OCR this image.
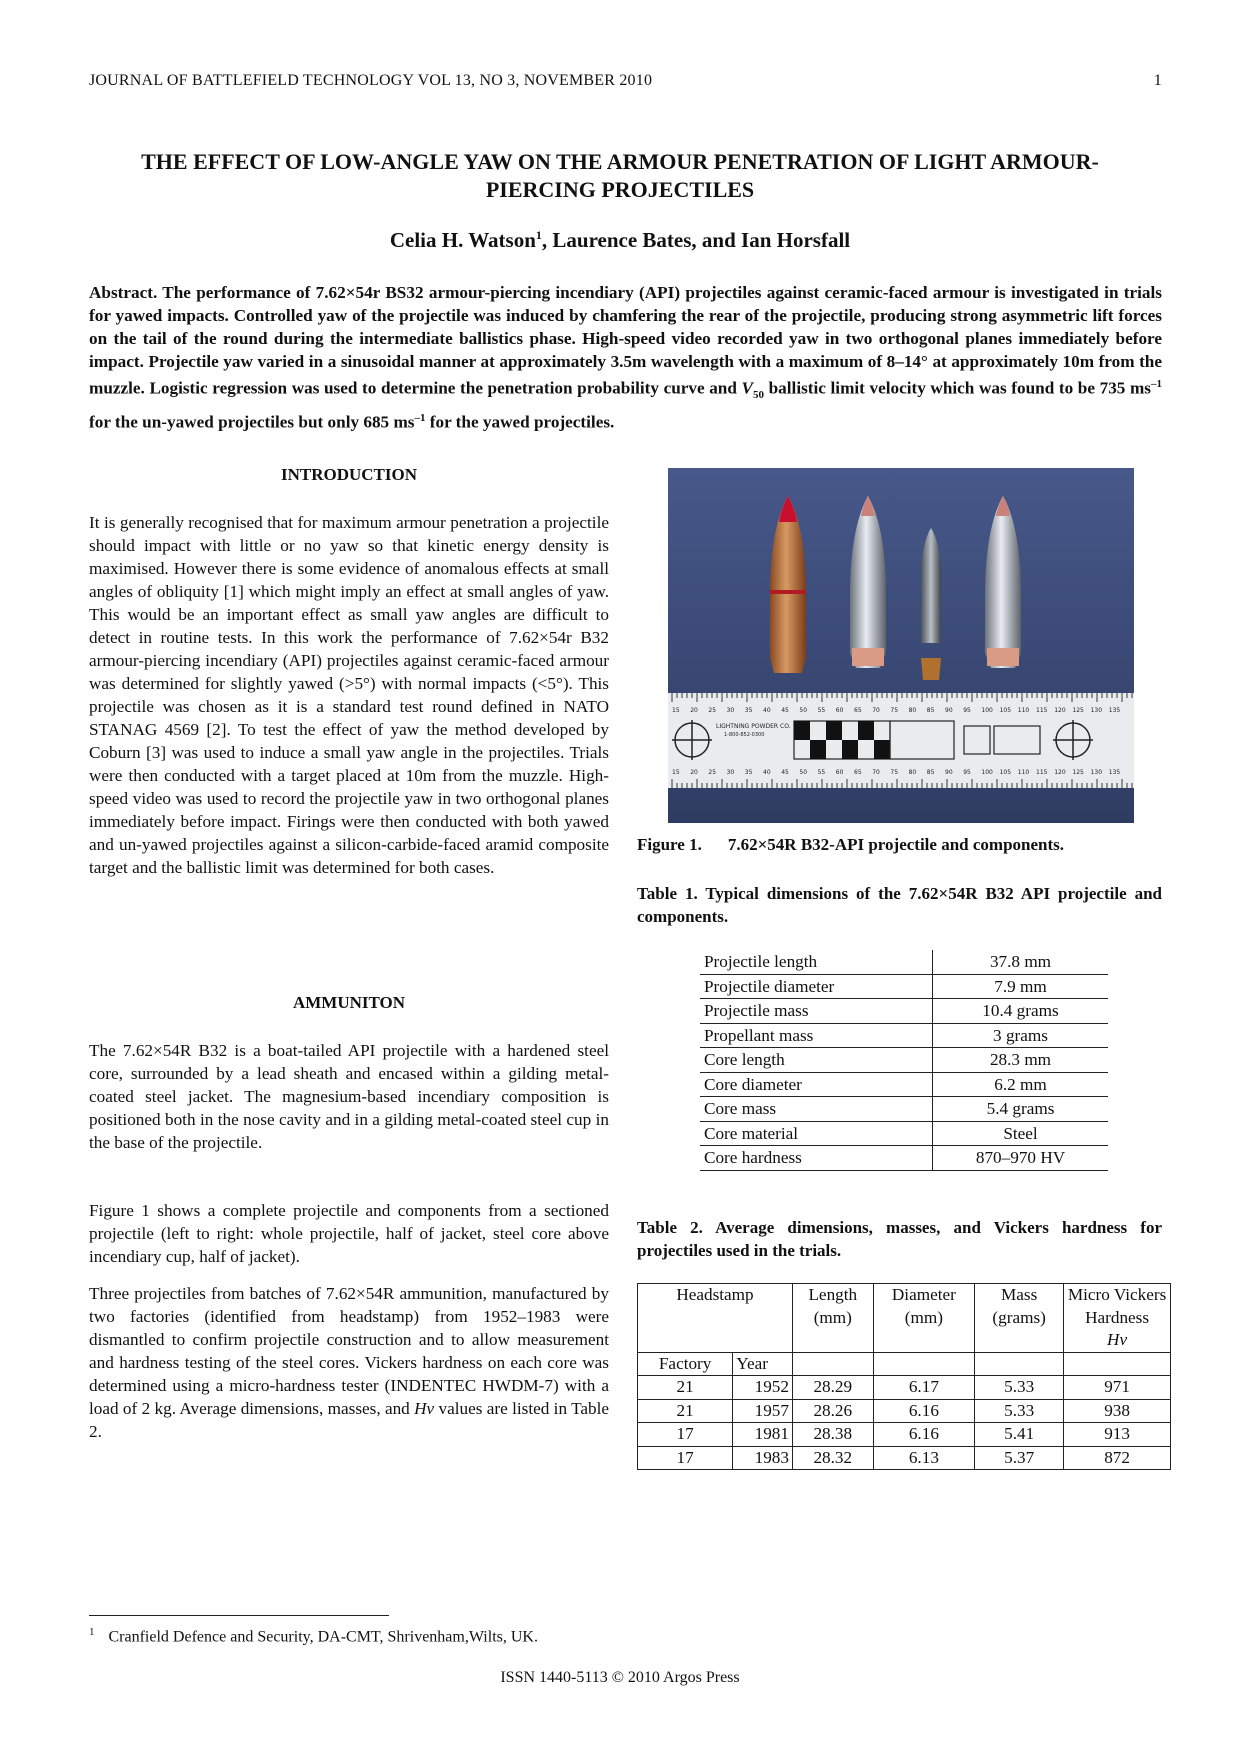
JOURNAL OF BATTLEFIELD TECHNOLOGY VOL 13, NO 3, NOVEMBER 2010	1
THE EFFECT OF LOW-ANGLE YAW ON THE ARMOUR PENETRATION OF LIGHT ARMOUR-PIERCING PROJECTILES
Celia H. Watson$^1$, Laurence Bates, and Ian Horsfall
Abstract. The performance of 7.62×54r BS32 armour-piercing incendiary (API) projectiles against ceramic-faced armour is investigated in trials for yawed impacts. Controlled yaw of the projectile was induced by chamfering the rear of the projectile, producing strong asymmetric lift forces on the tail of the round during the intermediate ballistics phase. High-speed video recorded yaw in two orthogonal planes immediately before impact. Projectile yaw varied in a sinusoidal manner at approximately 3.5m wavelength with a maximum of 8–14° at approximately 10m from the muzzle. Logistic regression was used to determine the penetration probability curve and $V_{50}$ ballistic limit velocity which was found to be 735 $ms^{-1}$ for the un-yawed projectiles but only 685 $ms^{-1}$ for the yawed projectiles.
INTRODUCTION
It is generally recognised that for maximum armour penetration a projectile should impact with little or no yaw so that kinetic energy density is maximised. However there is some evidence of anomalous effects at small angles of obliquity [1] which might imply an effect at small angles of yaw. This would be an important effect as small yaw angles are difficult to detect in routine tests. In this work the performance of 7.62×54r B32 armour-piercing incendiary (API) projectiles against ceramic-faced armour was determined for slightly yawed (>5°) with normal impacts (<5°). This projectile was chosen as it is a standard test round defined in NATO STANAG 4569 [2]. To test the effect of yaw the method developed by Coburn [3] was used to induce a small yaw angle in the projectiles. Trials were then conducted with a target placed at 10m from the muzzle. High-speed video was used to record the projectile yaw in two orthogonal planes immediately before impact. Firings were then conducted with both yawed and un-yawed projectiles against a silicon-carbide-faced aramid composite target and the ballistic limit was determined for both cases.
AMMUNITON
The 7.62×54R B32 is a boat-tailed API projectile with a hardened steel core, surrounded by a lead sheath and encased within a gilding metal-coated steel jacket. The magnesium-based incendiary composition is positioned both in the nose cavity and in a gilding metal-coated steel cup in the base of the projectile.
Figure 1 shows a complete projectile and components from a sectioned projectile (left to right: whole projectile, half of jacket, steel core above incendiary cup, half of jacket).
Three projectiles from batches of 7.62×54R ammunition, manufactured by two factories (identified from headstamp) from 1952–1983 were dismantled to confirm projectile construction and to allow measurement and hardness testing of the steel cores. Vickers hardness on each core was determined using a micro-hardness tester (INDENTEC HWDM-7) with a load of 2 kg. Average dimensions, masses, and Hv values are listed in Table 2.
LIGHTNING POWDER CO.
1-800-852-0300
15 20 25 30 35 40 45 50 55 60 65 70 75 80 85 90 95 100 105 110 115 120 125 130 135
15 20 25 30 35 40 45 50 55 60 65 70 75 80 85 90 95 100 105 110 115 120 125 130 135
Figure 1. 7.62×54R B32-API projectile and components.
Table 1. Typical dimensions of the 7.62×54R B32 API projectile and components.
Projectile length	37.8 mm
Projectile diameter	7.9 mm
Projectile mass	10.4 grams
Propellant mass	3 grams
Core length	28.3 mm
Core diameter	6.2 mm
Core mass	5.4 grams
Core material	Steel
Core hardness	870–970 HV
Table 2. Average dimensions, masses, and Vickers hardness for projectiles used in the trials.
Headstamp		Length (mm)	Diameter (mm)	Mass (grams)	Micro Vickers Hardness
Hv
Factory	Year				
21	1952	28.29	6.17	5.33	971
21	1957	28.26	6.16	5.33	938
17	1981	28.38	6.16	5.41	913
17	1983	28.32	6.13	5.37	872
$^1$ Cranfield Defence and Security, DA-CMT, Shrivenham,Wilts, UK.
ISSN 1440-5113 © 2010 Argos Press
